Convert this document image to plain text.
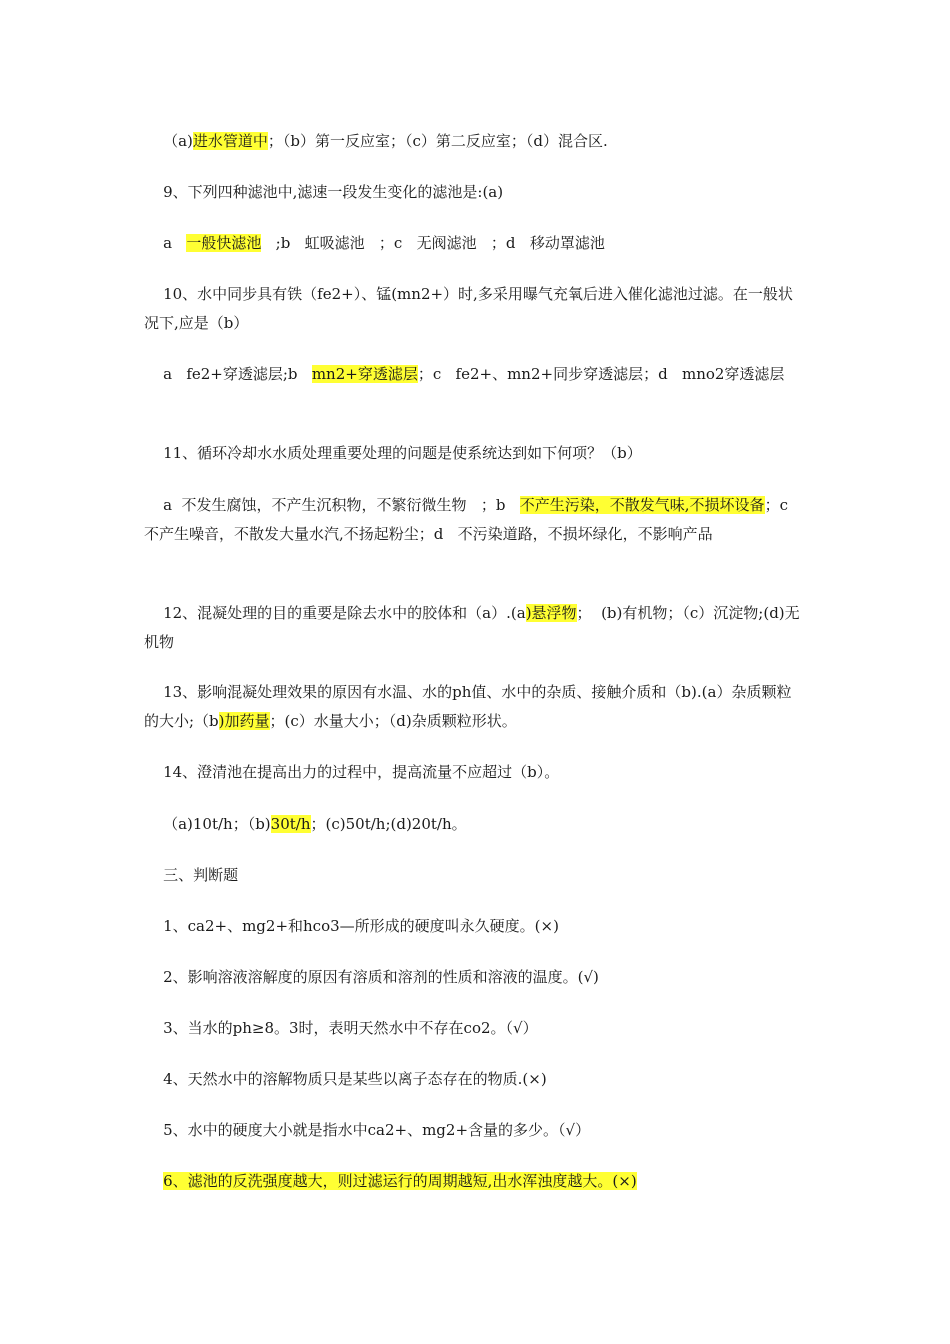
（a)进水管道中；（b）第一反应室；（c）第二反应室；（d）混合区.
9、下列四种滤池中,滤速一段发生变化的滤池是:(a)
a   一般快滤池   ;b   虹吸滤池   ；c   无阀滤池   ；d   移动罩滤池
10、水中同步具有铁（fe2+）、锰(mn2+）时,多采用曝气充氧后进入催化滤池过滤。在一般状况下,应是（b）
a   fe2+穿透滤层;b   mn2+穿透滤层；c   fe2+、mn2+同步穿透滤层；d   mno2穿透滤层
11、循环冷却水水质处理重要处理的问题是使系统达到如下何项？（b）
a  不发生腐蚀，不产生沉积物，不繁衍微生物   ；b   不产生污染，不散发气味,不损坏设备；c   不产生噪音，不散发大量水汽,不扬起粉尘；d   不污染道路，不损坏绿化，不影响产品
12、混凝处理的目的重要是除去水中的胶体和（a）.(a)悬浮物；  (b)有机物；（c）沉淀物;(d)无机物
13、影响混凝处理效果的原因有水温、水的ph值、水中的杂质、接触介质和（b).(a）杂质颗粒的大小;（b)加药量；(c）水量大小；（d)杂质颗粒形状。
14、澄清池在提高出力的过程中，提高流量不应超过（b）。
（a)10t/h；（b)30t/h；(c)50t/h;(d)20t/h。
三、判断题
1、ca2+、mg2+和hco3—所形成的硬度叫永久硬度。(×)
2、影响溶液溶解度的原因有溶质和溶剂的性质和溶液的温度。(√)
3、当水的ph≥8。3时，表明天然水中不存在co2。（√）
4、天然水中的溶解物质只是某些以离子态存在的物质.(×)
5、水中的硬度大小就是指水中ca2+、mg2+含量的多少。（√）
6、滤池的反洗强度越大，则过滤运行的周期越短,出水浑浊度越大。(×)
